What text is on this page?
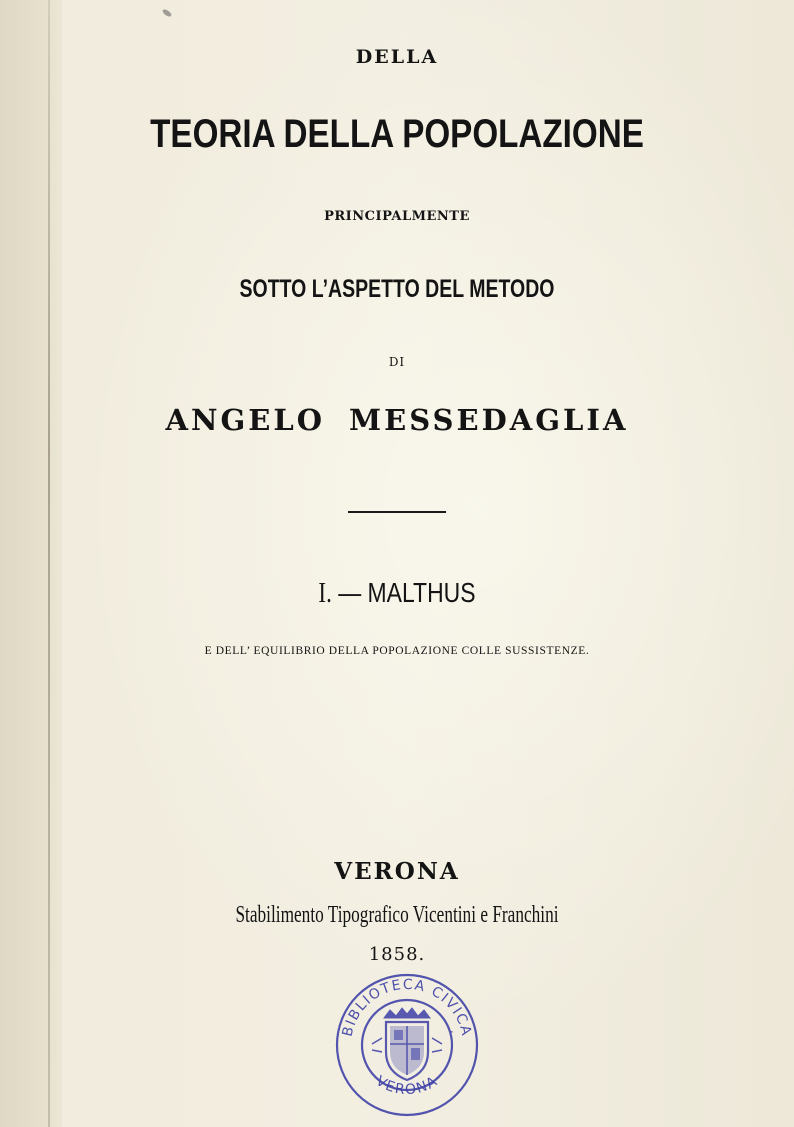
DELLA
TEORIA DELLA POPOLAZIONE
PRINCIPALMENTE
SOTTO L’ASPETTO DEL METODO
DI
ANGELO MESSEDAGLIA
I. — MALTHUS
E DELL’ EQUILIBRIO DELLA POPOLAZIONE COLLE SUSSISTENZE.
VERONA
Stabilimento Tipografico Vicentini e Franchini
1858.
BIBLIOTECA CIVICA
VERONA
·
